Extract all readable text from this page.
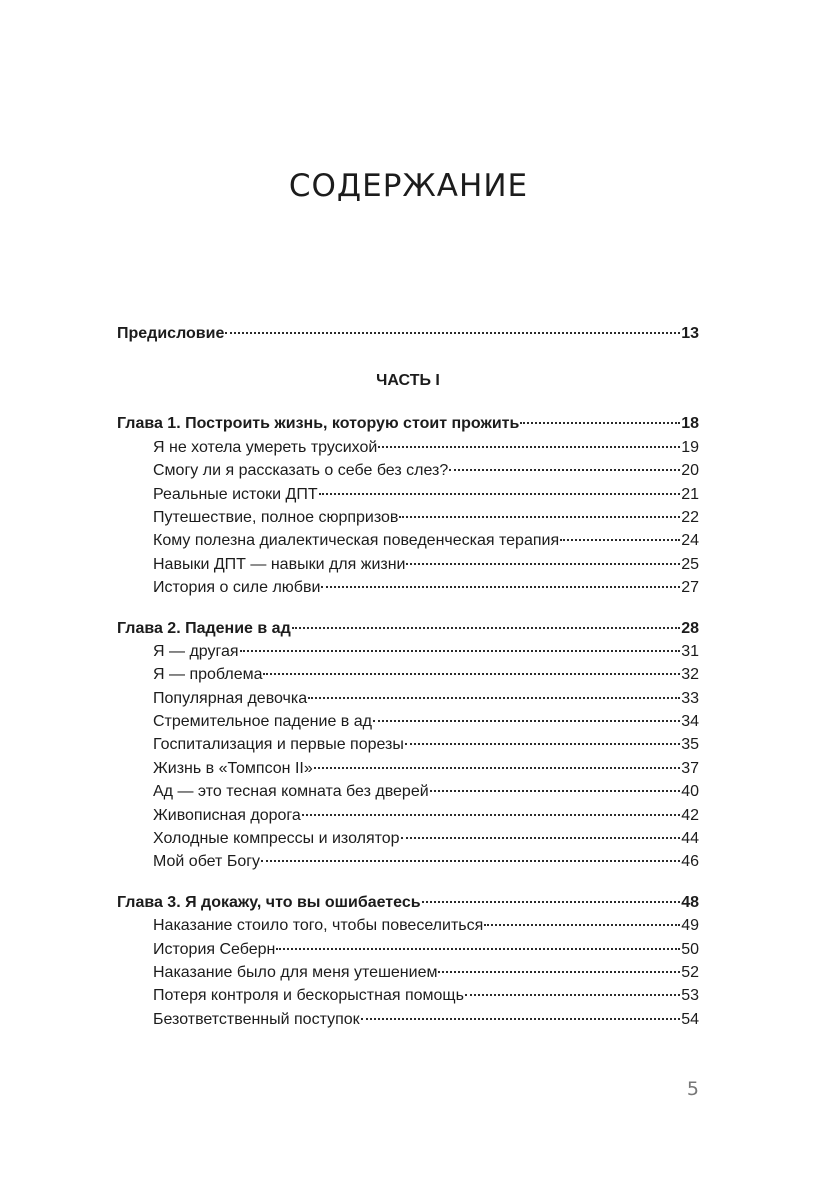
СОДЕРЖАНИЕ
Предисловие	13
ЧАСТЬ I
Глава 1. Построить жизнь, которую стоит прожить	18
Я не хотела умереть трусихой	19
Смогу ли я рассказать о себе без слез?	20
Реальные истоки ДПТ	21
Путешествие, полное сюрпризов	22
Кому полезна диалектическая поведенческая терапия	24
Навыки ДПТ — навыки для жизни	25
История о силе любви	27
Глава 2. Падение в ад	28
Я — другая	31
Я — проблема	32
Популярная девочка	33
Стремительное падение в ад	34
Госпитализация и первые порезы	35
Жизнь в «Томпсон II»	37
Ад — это тесная комната без дверей	40
Живописная дорога	42
Холодные компрессы и изолятор	44
Мой обет Богу	46
Глава 3. Я докажу, что вы ошибаетесь	48
Наказание стоило того, чтобы повеселиться	49
История Себерн	50
Наказание было для меня утешением	52
Потеря контроля и бескорыстная помощь	53
Безответственный поступок	54
5
